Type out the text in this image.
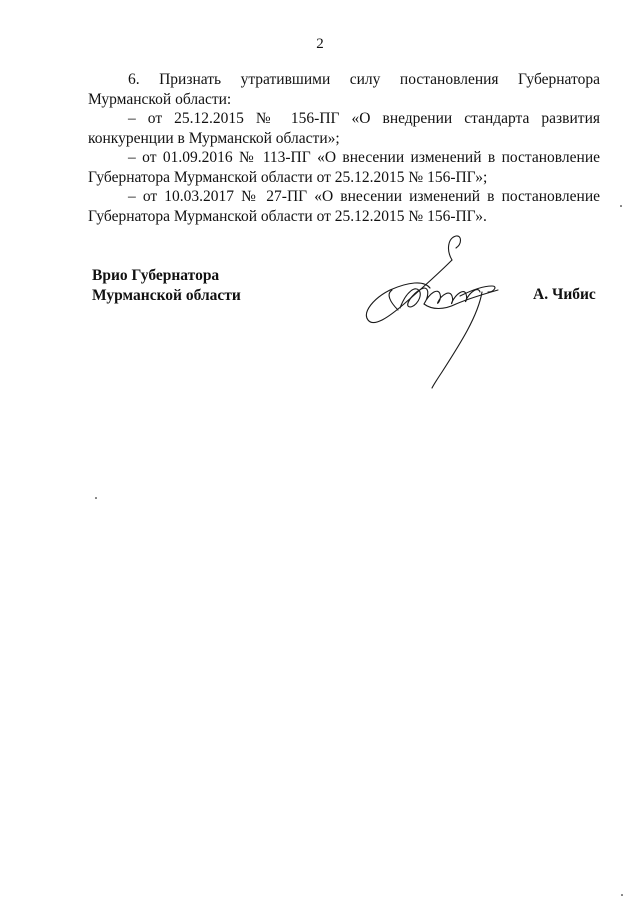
2

6. Признать утратившими силу постановления Губернатора Мурманской области:

– от 25.12.2015 № 156-ПГ «О внедрении стандарта развития конкуренции в Мурманской области»;

– от 01.09.2016 № 113-ПГ «О внесении изменений в постановление Губернатора Мурманской области от 25.12.2015 № 156-ПГ»;

– от 10.03.2017 № 27-ПГ «О внесении изменений в постановление Губернатора Мурманской области от 25.12.2015 № 156-ПГ».

Врио Губернатора
Мурманской области	А. Чибис
